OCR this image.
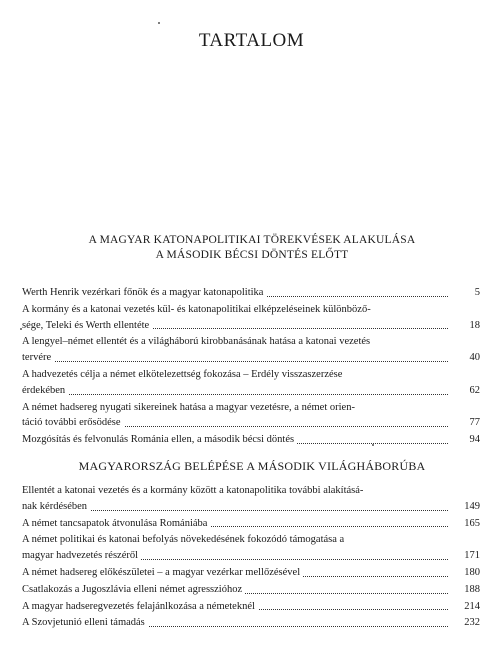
TARTALOM
A MAGYAR KATONAPOLITIKAI TÖREKVÉSEK ALAKULÁSA
A MÁSODIK BÉCSI DÖNTÉS ELŐTT
Werth Henrik vezérkari főnök és a magyar katonapolitika	5
A kormány és a katonai vezetés kül- és katonapolitikai elképzeléseinek különböző-
sége, Teleki és Werth ellentéte	18
A lengyel–német ellentét és a világháború kirobbanásának hatása a katonai vezetés
tervére	40
A hadvezetés célja a német elkötelezettség fokozása – Erdély visszaszerzése
érdekében	62
A német hadsereg nyugati sikereinek hatása a magyar vezetésre, a német orien-
táció további erősödése	77
Mozgósítás és felvonulás Románia ellen, a második bécsi döntés	94
MAGYARORSZÁG BELÉPÉSE A MÁSODIK VILÁGHÁBORÚBA
Ellentét a katonai vezetés és a kormány között a katonapolitika további alakításá-
nak kérdésében	149
A német tancsapatok átvonulása Romániába	165
A német politikai és katonai befolyás növekedésének fokozódó támogatása a
magyar hadvezetés részéről	171
A német hadsereg előkészületei – a magyar vezérkar mellőzésével	180
Csatlakozás a Jugoszlávia elleni német agresszióhoz	188
A magyar hadseregvezetés felajánlkozása a németeknél	214
A Szovjetunió elleni támadás	232
